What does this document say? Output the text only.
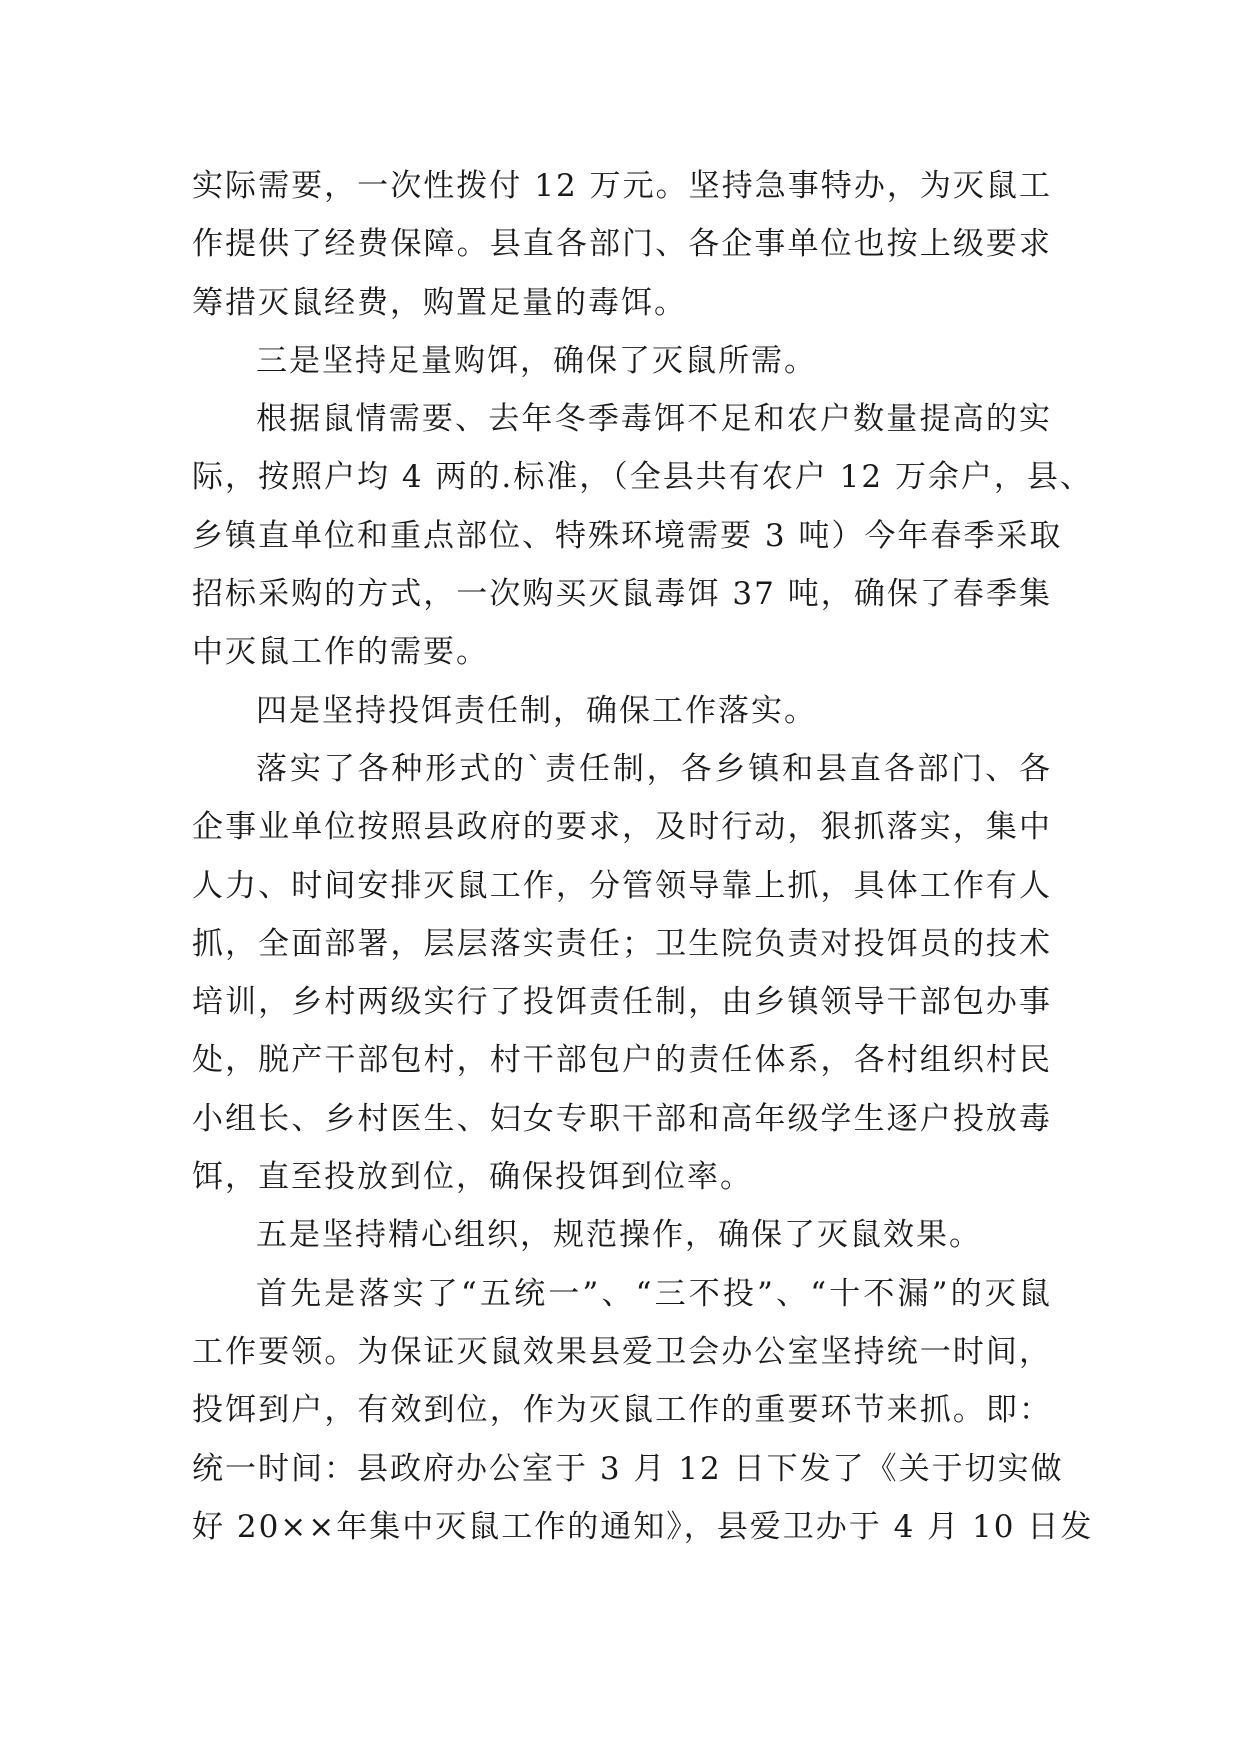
实际需要，一次性拨付 12 万元。坚持急事特办，为灭鼠工
作提供了经费保障。县直各部门、各企事单位也按上级要求
筹措灭鼠经费，购置足量的毒饵。
三是坚持足量购饵，确保了灭鼠所需。
根据鼠情需要、去年冬季毒饵不足和农户数量提高的实
际，按照户均 4 两的.标准，（全县共有农户 12 万余户，县、
乡镇直单位和重点部位、特殊环境需要 3 吨）今年春季采取
招标采购的方式，一次购买灭鼠毒饵 37 吨，确保了春季集
中灭鼠工作的需要。
四是坚持投饵责任制，确保工作落实。
落实了各种形式的`责任制，各乡镇和县直各部门、各
企事业单位按照县政府的要求，及时行动，狠抓落实，集中
人力、时间安排灭鼠工作，分管领导靠上抓，具体工作有人
抓，全面部署，层层落实责任；卫生院负责对投饵员的技术
培训，乡村两级实行了投饵责任制，由乡镇领导干部包办事
处，脱产干部包村，村干部包户的责任体系，各村组织村民
小组长、乡村医生、妇女专职干部和高年级学生逐户投放毒
饵，直至投放到位，确保投饵到位率。
五是坚持精心组织，规范操作，确保了灭鼠效果。
首先是落实了“五统一”、“三不投”、“十不漏”的灭鼠
工作要领。为保证灭鼠效果县爱卫会办公室坚持统一时间，
投饵到户，有效到位，作为灭鼠工作的重要环节来抓。即：
统一时间：县政府办公室于 3 月 12 日下发了《关于切实做
好 20××年集中灭鼠工作的通知》，县爱卫办于 4 月 10 日发
